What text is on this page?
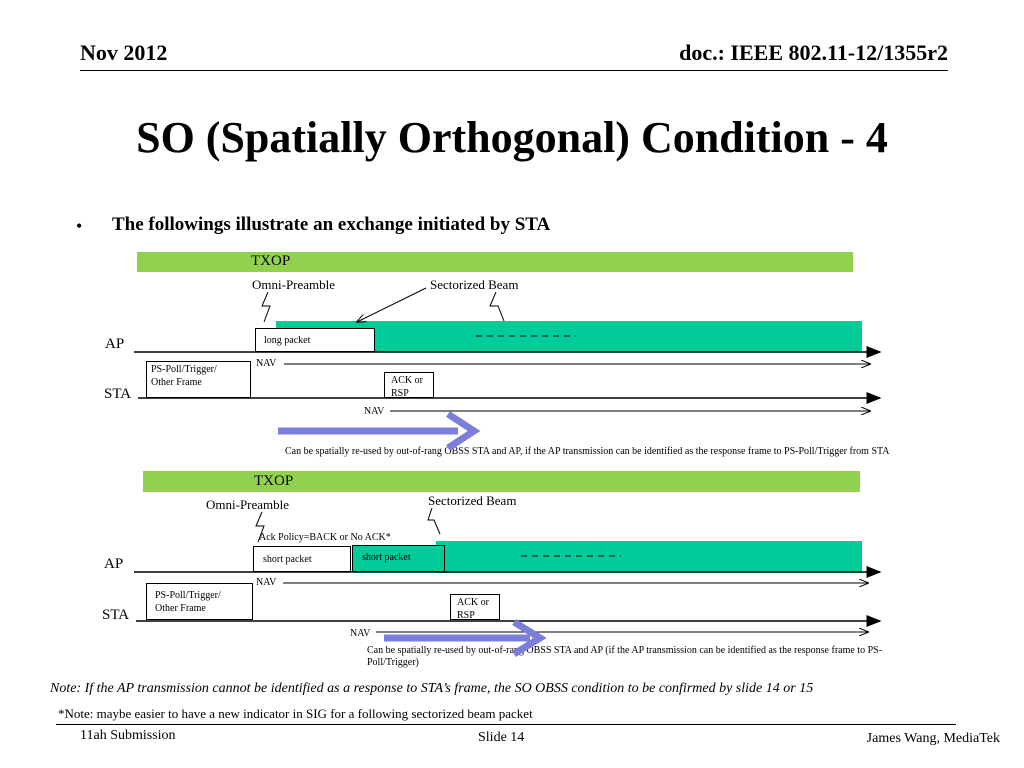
Nov 2012	doc.: IEEE 802.11-12/1355r2
SO (Spatially Orthogonal) Condition - 4
• The followings illustrate an exchange initiated by STA
TXOP
Omni-Preamble	Sectorized Beam
long packet
AP
NAV
PS-Poll/Trigger/
Other Frame	ACK or
RSP
STA
NAV
Can be spatially re-used by out-of-rang OBSS STA and AP, if the AP transmission can be identified as the response frame to PS-Poll/Trigger from STA
TXOP
Omni-Preamble	Sectorized Beam
Ack Policy=BACK or No ACK*
short packet	short packet
AP
NAV
PS-Poll/Trigger/
Other Frame
ACK or
RSP
STA
NAV
Can be spatially re-used by out-of-rang OBSS STA and AP (if the AP transmission can be identified as the response frame to PS-
Poll/Trigger)
Note: If the AP transmission cannot be identified as a response to STA’s frame, the SO OBSS condition to be confirmed by slide 14 or 15
*Note: maybe easier to have a new indicator in SIG for a following sectorized beam packet
11ah Submission	Slide 14	James Wang, MediaTek
